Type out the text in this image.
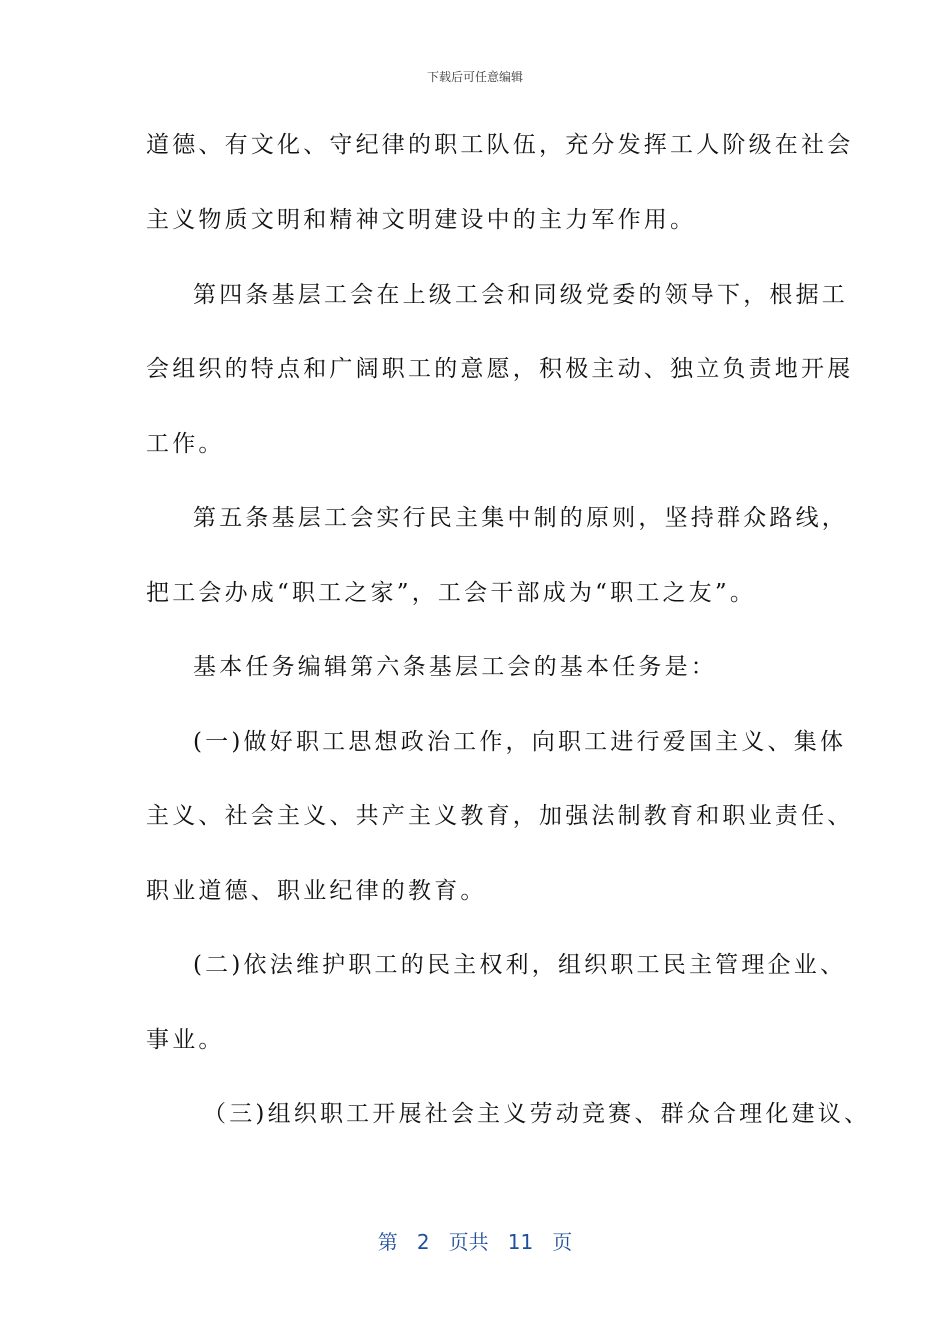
下载后可任意编辑
道德、有文化、守纪律的职工队伍，充分发挥工人阶级在社会
主义物质文明和精神文明建设中的主力军作用。
第四条基层工会在上级工会和同级党委的领导下，根据工
会组织的特点和广阔职工的意愿，积极主动、独立负责地开展
工作。
第五条基层工会实行民主集中制的原则，坚持群众路线，
把工会办成“职工之家”，工会干部成为“职工之友”。
基本任务编辑第六条基层工会的基本任务是：
(一)做好职工思想政治工作，向职工进行爱国主义、集体
主义、社会主义、共产主义教育，加强法制教育和职业责任、
职业道德、职业纪律的教育。
(二)依法维护职工的民主权利，组织职工民主管理企业、
事业。
（三)组织职工开展社会主义劳动竞赛、群众合理化建议、
第 2 页共 11 页
